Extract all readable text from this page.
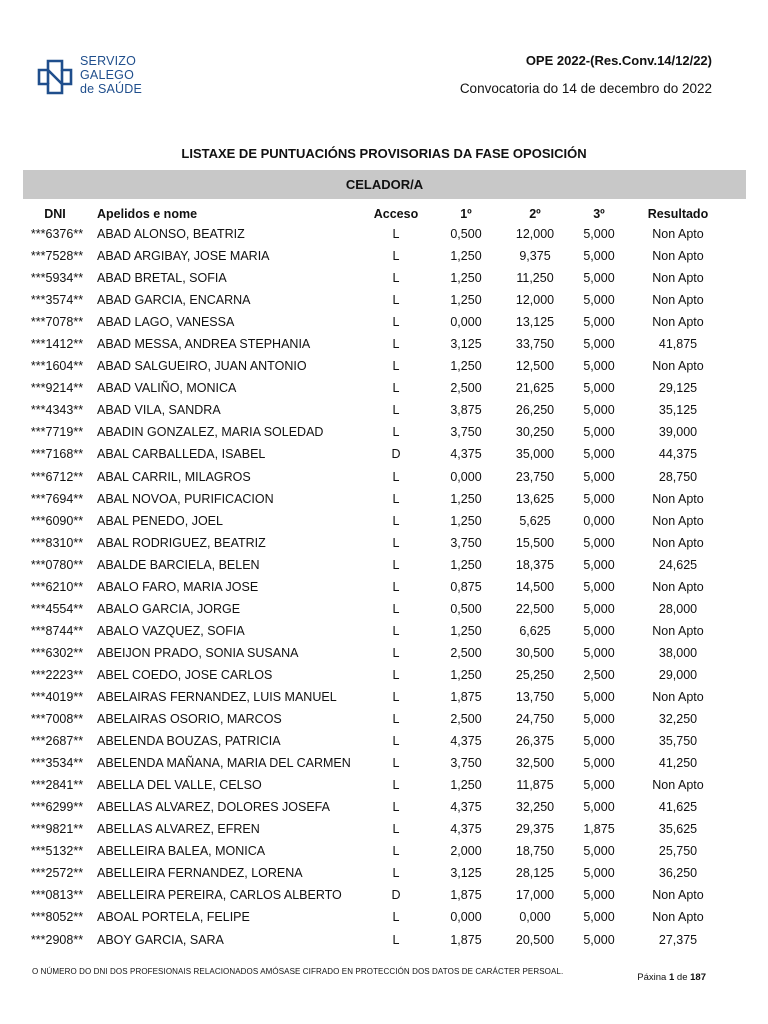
SERVIZO
GALEGO
de SAÚDE
OPE 2022-(Res.Conv.14/12/22)
Convocatoria do 14 de decembro do 2022
LISTAXE DE PUNTUACIÓNS PROVISORIAS DA FASE OPOSICIÓN
CELADOR/A
DNI	Apelidos e nome	Acceso	1º	2º	3º	Resultado
***6376**	ABAD ALONSO, BEATRIZ	L	0,500	12,000	5,000	Non Apto
***7528**	ABAD ARGIBAY, JOSE MARIA	L	1,250	9,375	5,000	Non Apto
***5934**	ABAD BRETAL, SOFIA	L	1,250	11,250	5,000	Non Apto
***3574**	ABAD GARCIA, ENCARNA	L	1,250	12,000	5,000	Non Apto
***7078**	ABAD LAGO, VANESSA	L	0,000	13,125	5,000	Non Apto
***1412**	ABAD MESSA, ANDREA STEPHANIA	L	3,125	33,750	5,000	41,875
***1604**	ABAD SALGUEIRO, JUAN ANTONIO	L	1,250	12,500	5,000	Non Apto
***9214**	ABAD VALIÑO, MONICA	L	2,500	21,625	5,000	29,125
***4343**	ABAD VILA, SANDRA	L	3,875	26,250	5,000	35,125
***7719**	ABADIN GONZALEZ, MARIA SOLEDAD	L	3,750	30,250	5,000	39,000
***7168**	ABAL CARBALLEDA, ISABEL	D	4,375	35,000	5,000	44,375
***6712**	ABAL CARRIL, MILAGROS	L	0,000	23,750	5,000	28,750
***7694**	ABAL NOVOA, PURIFICACION	L	1,250	13,625	5,000	Non Apto
***6090**	ABAL PENEDO, JOEL	L	1,250	5,625	0,000	Non Apto
***8310**	ABAL RODRIGUEZ, BEATRIZ	L	3,750	15,500	5,000	Non Apto
***0780**	ABALDE BARCIELA, BELEN	L	1,250	18,375	5,000	24,625
***6210**	ABALO FARO, MARIA JOSE	L	0,875	14,500	5,000	Non Apto
***4554**	ABALO GARCIA, JORGE	L	0,500	22,500	5,000	28,000
***8744**	ABALO VAZQUEZ, SOFIA	L	1,250	6,625	5,000	Non Apto
***6302**	ABEIJON PRADO, SONIA SUSANA	L	2,500	30,500	5,000	38,000
***2223**	ABEL COEDO, JOSE CARLOS	L	1,250	25,250	2,500	29,000
***4019**	ABELAIRAS FERNANDEZ, LUIS MANUEL	L	1,875	13,750	5,000	Non Apto
***7008**	ABELAIRAS OSORIO, MARCOS	L	2,500	24,750	5,000	32,250
***2687**	ABELENDA BOUZAS, PATRICIA	L	4,375	26,375	5,000	35,750
***3534**	ABELENDA MAÑANA, MARIA DEL CARMEN	L	3,750	32,500	5,000	41,250
***2841**	ABELLA DEL VALLE, CELSO	L	1,250	11,875	5,000	Non Apto
***6299**	ABELLAS ALVAREZ, DOLORES JOSEFA	L	4,375	32,250	5,000	41,625
***9821**	ABELLAS ALVAREZ, EFREN	L	4,375	29,375	1,875	35,625
***5132**	ABELLEIRA BALEA, MONICA	L	2,000	18,750	5,000	25,750
***2572**	ABELLEIRA FERNANDEZ, LORENA	L	3,125	28,125	5,000	36,250
***0813**	ABELLEIRA PEREIRA, CARLOS ALBERTO	D	1,875	17,000	5,000	Non Apto
***8052**	ABOAL PORTELA, FELIPE	L	0,000	0,000	5,000	Non Apto
***2908**	ABOY GARCIA, SARA	L	1,875	20,500	5,000	27,375
O NÚMERO DO DNI DOS PROFESIONAIS RELACIONADOS AMÓSASE CIFRADO EN PROTECCIÓN DOS DATOS DE CARÁCTER PERSOAL.
Páxina 1 de 187
